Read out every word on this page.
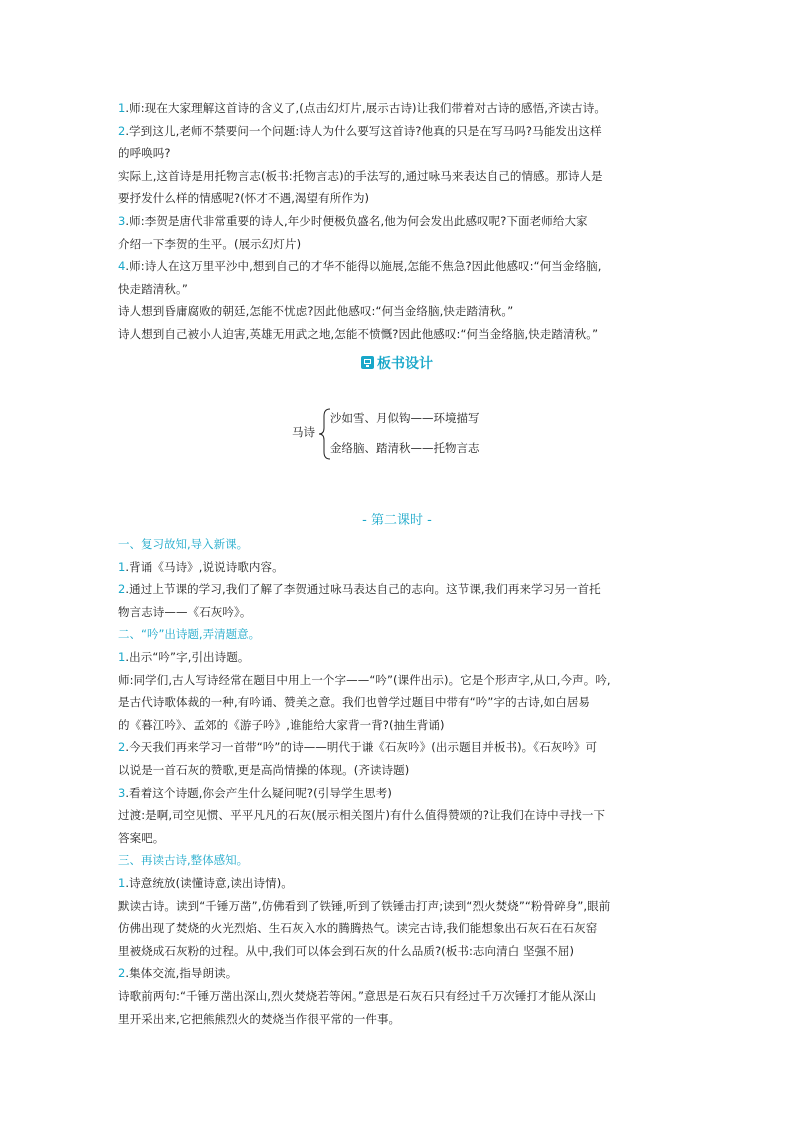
1.师:现在大家理解这首诗的含义了,(点击幻灯片,展示古诗)让我们带着对古诗的感悟,齐读古诗。
2.学到这儿,老师不禁要问一个问题:诗人为什么要写这首诗?他真的只是在写马吗?马能发出这样
的呼唤吗?
实际上,这首诗是用托物言志(板书:托物言志)的手法写的,通过咏马来表达自己的情感。那诗人是
要抒发什么样的情感呢?(怀才不遇,渴望有所作为)
3.师:李贺是唐代非常重要的诗人,年少时便极负盛名,他为何会发出此感叹呢?下面老师给大家
介绍一下李贺的生平。(展示幻灯片)
4.师:诗人在这万里平沙中,想到自己的才华不能得以施展,怎能不焦急?因此他感叹:“何当金络脑,
快走踏清秋。”
诗人想到昏庸腐败的朝廷,怎能不忧虑?因此他感叹:“何当金络脑,快走踏清秋。”
诗人想到自己被小人迫害,英雄无用武之地,怎能不愤慨?因此他感叹:“何当金络脑,快走踏清秋。”
板书设计
马诗
沙如雪、月似钩——环境描写
金络脑、踏清秋——托物言志
- 第二课时 -
一、复习故知,导入新课。
1.背诵《马诗》,说说诗歌内容。
2.通过上节课的学习,我们了解了李贺通过咏马表达自己的志向。这节课,我们再来学习另一首托
物言志诗——《石灰吟》。
二、“吟”出诗题,弄清题意。
1.出示“吟”字,引出诗题。
师:同学们,古人写诗经常在题目中用上一个字——“吟”(课件出示)。它是个形声字,从口,今声。吟,
是古代诗歌体裁的一种,有吟诵、赞美之意。我们也曾学过题目中带有“吟”字的古诗,如白居易
的《暮江吟》、孟郊的《游子吟》,谁能给大家背一背?(抽生背诵)
2.今天我们再来学习一首带“吟”的诗——明代于谦《石灰吟》(出示题目并板书)。《石灰吟》可
以说是一首石灰的赞歌,更是高尚情操的体现。(齐读诗题)
3.看着这个诗题,你会产生什么疑问呢?(引导学生思考)
过渡:是啊,司空见惯、平平凡凡的石灰(展示相关图片)有什么值得赞颂的?让我们在诗中寻找一下
答案吧。
三、再读古诗,整体感知。
1.诗意统放(读懂诗意,读出诗情)。
默读古诗。读到“千锤万凿”,仿佛看到了铁锤,听到了铁锤击打声;读到“烈火焚烧”“粉骨碎身”,眼前
仿佛出现了焚烧的火光烈焰、生石灰入水的腾腾热气。读完古诗,我们能想象出石灰石在石灰窑
里被烧成石灰粉的过程。从中,我们可以体会到石灰的什么品质?(板书:志向清白 坚强不屈)
2.集体交流,指导朗读。
诗歌前两句:“千锤万凿出深山,烈火焚烧若等闲。”意思是石灰石只有经过千万次锤打才能从深山
里开采出来,它把熊熊烈火的焚烧当作很平常的一件事。
